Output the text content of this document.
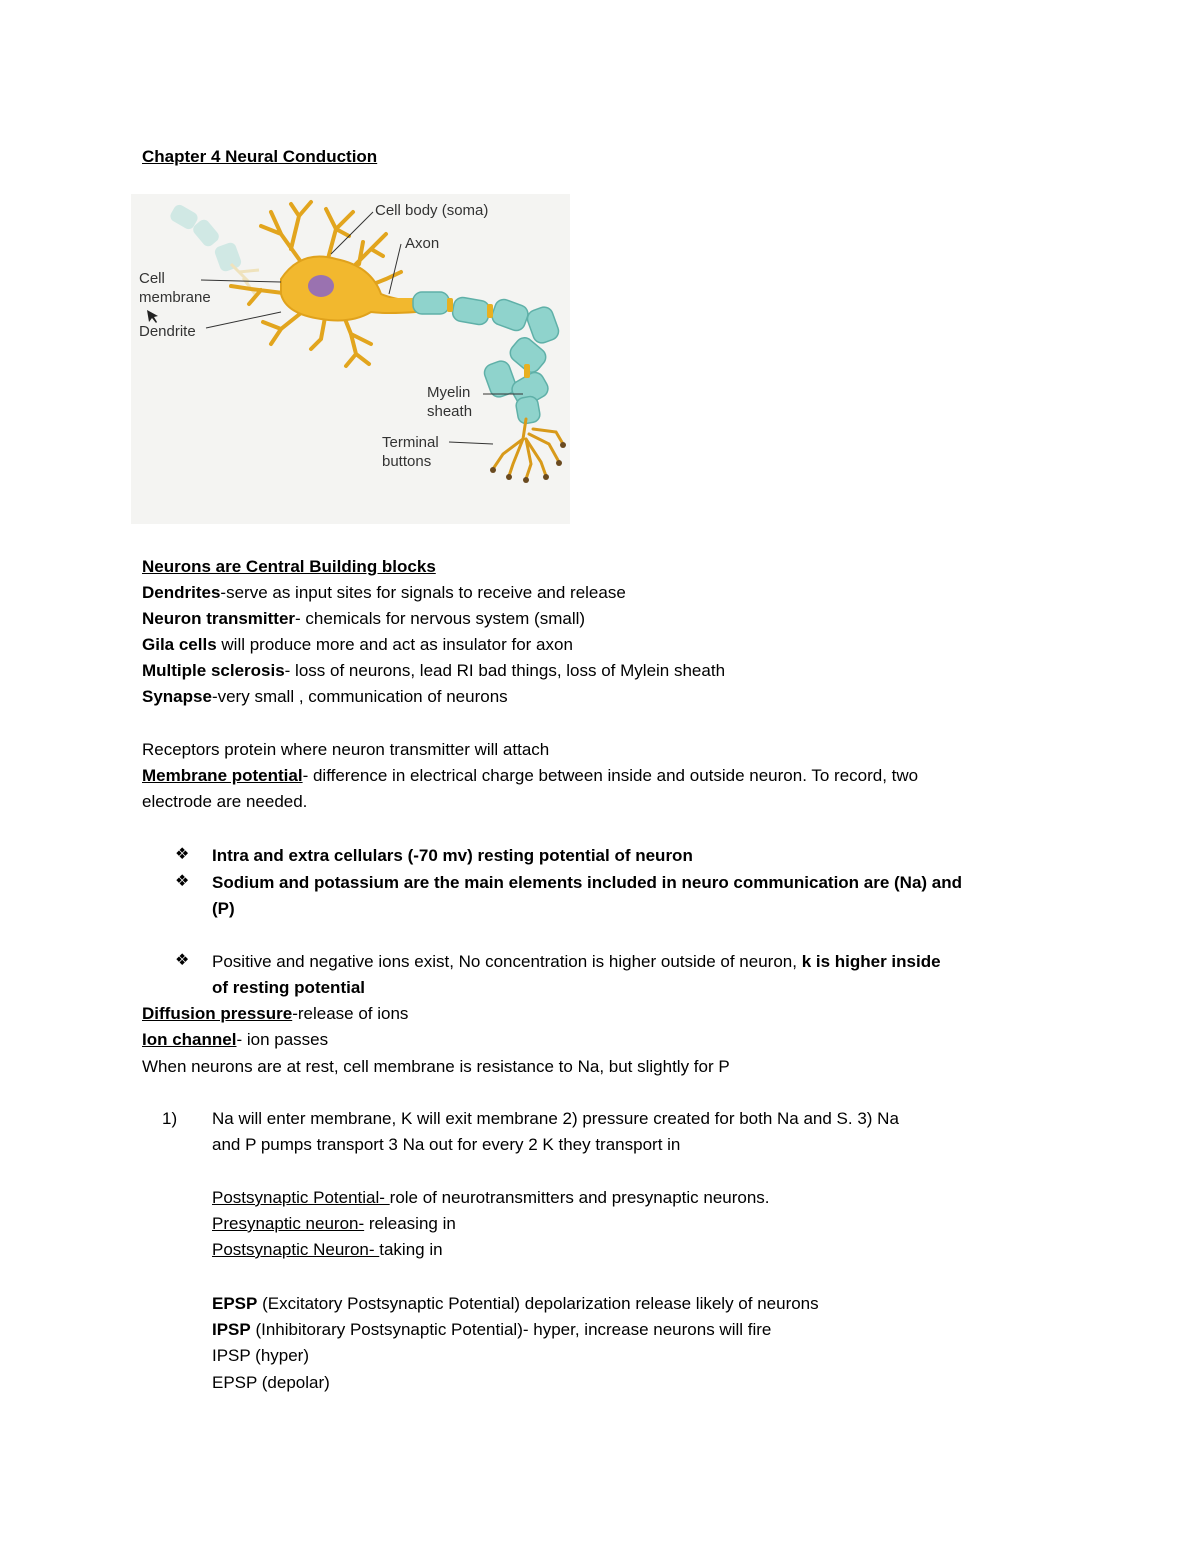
Chapter 4 Neural Conduction
Cell body (soma)
Axon
Cell
membrane
Dendrite
Myelin
sheath
Terminal
buttons
Neurons are Central Building blocks
Dendrites-serve as input sites for signals to receive and release
Neuron transmitter- chemicals for nervous system (small)
Gila cells will produce more and act as insulator for axon
Multiple sclerosis- loss of neurons, lead RI bad things, loss of Mylein sheath
Synapse-very small , communication of neurons
Receptors protein where neuron transmitter will attach
Membrane potential- difference in electrical charge between inside and outside neuron. To record, two
electrode are needed.
❖ Intra and extra cellulars (-70 mv) resting potential of neuron
❖ Sodium and potassium are the main elements included in neuro communication are (Na) and
(P)
❖ Positive and negative ions exist, No concentration is higher outside of neuron, k is higher inside
of resting potential
Diffusion pressure-release of ions
Ion channel- ion passes
When neurons are at rest, cell membrane is resistance to Na, but slightly for P
1) Na will enter membrane, K will exit membrane 2) pressure created for both Na and S. 3) Na
and P pumps transport 3 Na out for every 2 K they transport in
Postsynaptic Potential- role of neurotransmitters and presynaptic neurons.
Presynaptic neuron- releasing in
Postsynaptic Neuron- taking in
EPSP (Excitatory Postsynaptic Potential) depolarization release likely of neurons
IPSP (Inhibitorary Postsynaptic Potential)- hyper, increase neurons will fire
IPSP (hyper)
EPSP (depolar)
